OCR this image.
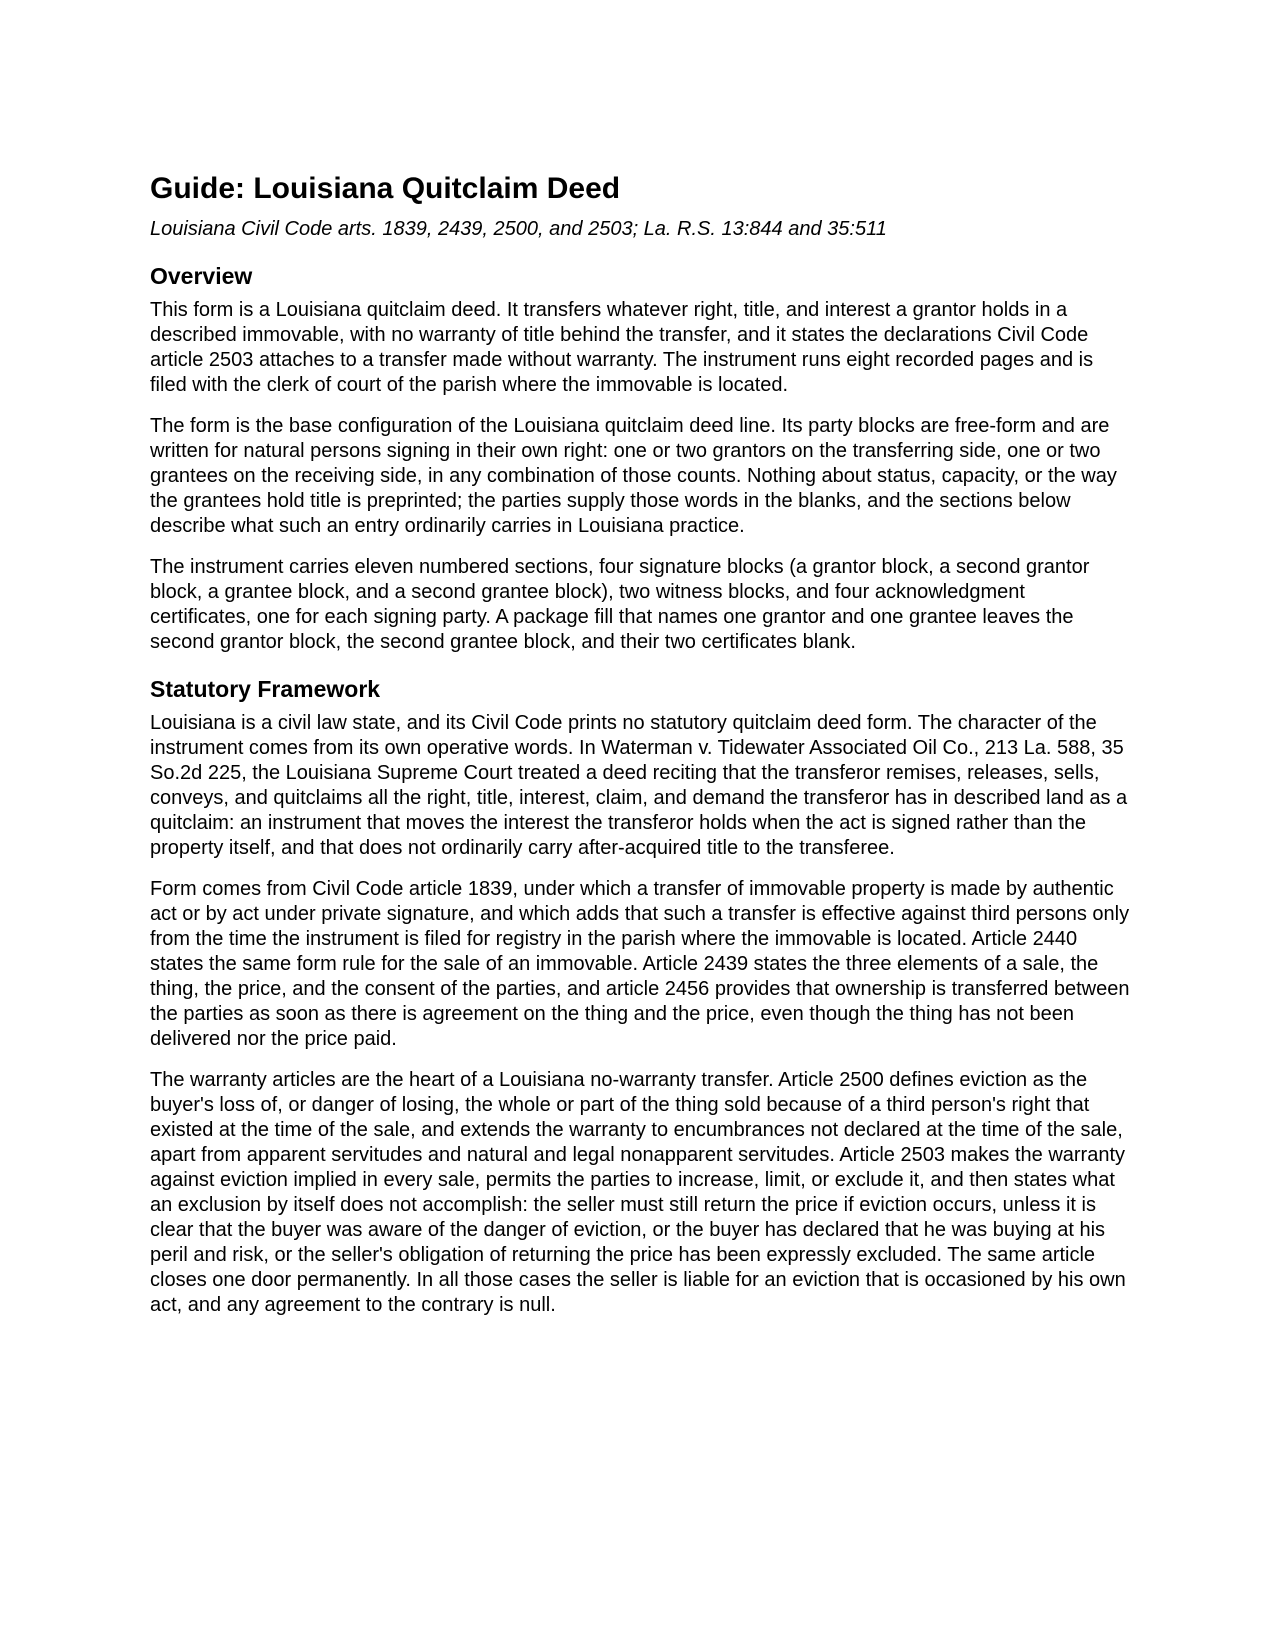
Guide: Louisiana Quitclaim Deed
Louisiana Civil Code arts. 1839, 2439, 2500, and 2503; La. R.S. 13:844 and 35:511
Overview

This form is a Louisiana quitclaim deed. It transfers whatever right, title, and interest a grantor holds in a described immovable, with no warranty of title behind the transfer, and it states the declarations Civil Code article 2503 attaches to a transfer made without warranty. The instrument runs eight recorded pages and is filed with the clerk of court of the parish where the immovable is located.

The form is the base configuration of the Louisiana quitclaim deed line. Its party blocks are free-form and are written for natural persons signing in their own right: one or two grantors on the transferring side, one or two grantees on the receiving side, in any combination of those counts. Nothing about status, capacity, or the way the grantees hold title is preprinted; the parties supply those words in the blanks, and the sections below describe what such an entry ordinarily carries in Louisiana practice.

The instrument carries eleven numbered sections, four signature blocks (a grantor block, a second grantor block, a grantee block, and a second grantee block), two witness blocks, and four acknowledgment certificates, one for each signing party. A package fill that names one grantor and one grantee leaves the second grantor block, the second grantee block, and their two certificates blank.

Statutory Framework

Louisiana is a civil law state, and its Civil Code prints no statutory quitclaim deed form. The character of the instrument comes from its own operative words. In Waterman v. Tidewater Associated Oil Co., 213 La. 588, 35 So.2d 225, the Louisiana Supreme Court treated a deed reciting that the transferor remises, releases, sells, conveys, and quitclaims all the right, title, interest, claim, and demand the transferor has in described land as a quitclaim: an instrument that moves the interest the transferor holds when the act is signed rather than the property itself, and that does not ordinarily carry after-acquired title to the transferee.

Form comes from Civil Code article 1839, under which a transfer of immovable property is made by authentic act or by act under private signature, and which adds that such a transfer is effective against third persons only from the time the instrument is filed for registry in the parish where the immovable is located. Article 2440 states the same form rule for the sale of an immovable. Article 2439 states the three elements of a sale, the thing, the price, and the consent of the parties, and article 2456 provides that ownership is transferred between the parties as soon as there is agreement on the thing and the price, even though the thing has not been delivered nor the price paid.

The warranty articles are the heart of a Louisiana no-warranty transfer. Article 2500 defines eviction as the buyer's loss of, or danger of losing, the whole or part of the thing sold because of a third person's right that existed at the time of the sale, and extends the warranty to encumbrances not declared at the time of the sale, apart from apparent servitudes and natural and legal nonapparent servitudes. Article 2503 makes the warranty against eviction implied in every sale, permits the parties to increase, limit, or exclude it, and then states what an exclusion by itself does not accomplish: the seller must still return the price if eviction occurs, unless it is clear that the buyer was aware of the danger of eviction, or the buyer has declared that he was buying at his peril and risk, or the seller's obligation of returning the price has been expressly excluded. The same article closes one door permanently. In all those cases the seller is liable for an eviction that is occasioned by his own act, and any agreement to the contrary is null.
